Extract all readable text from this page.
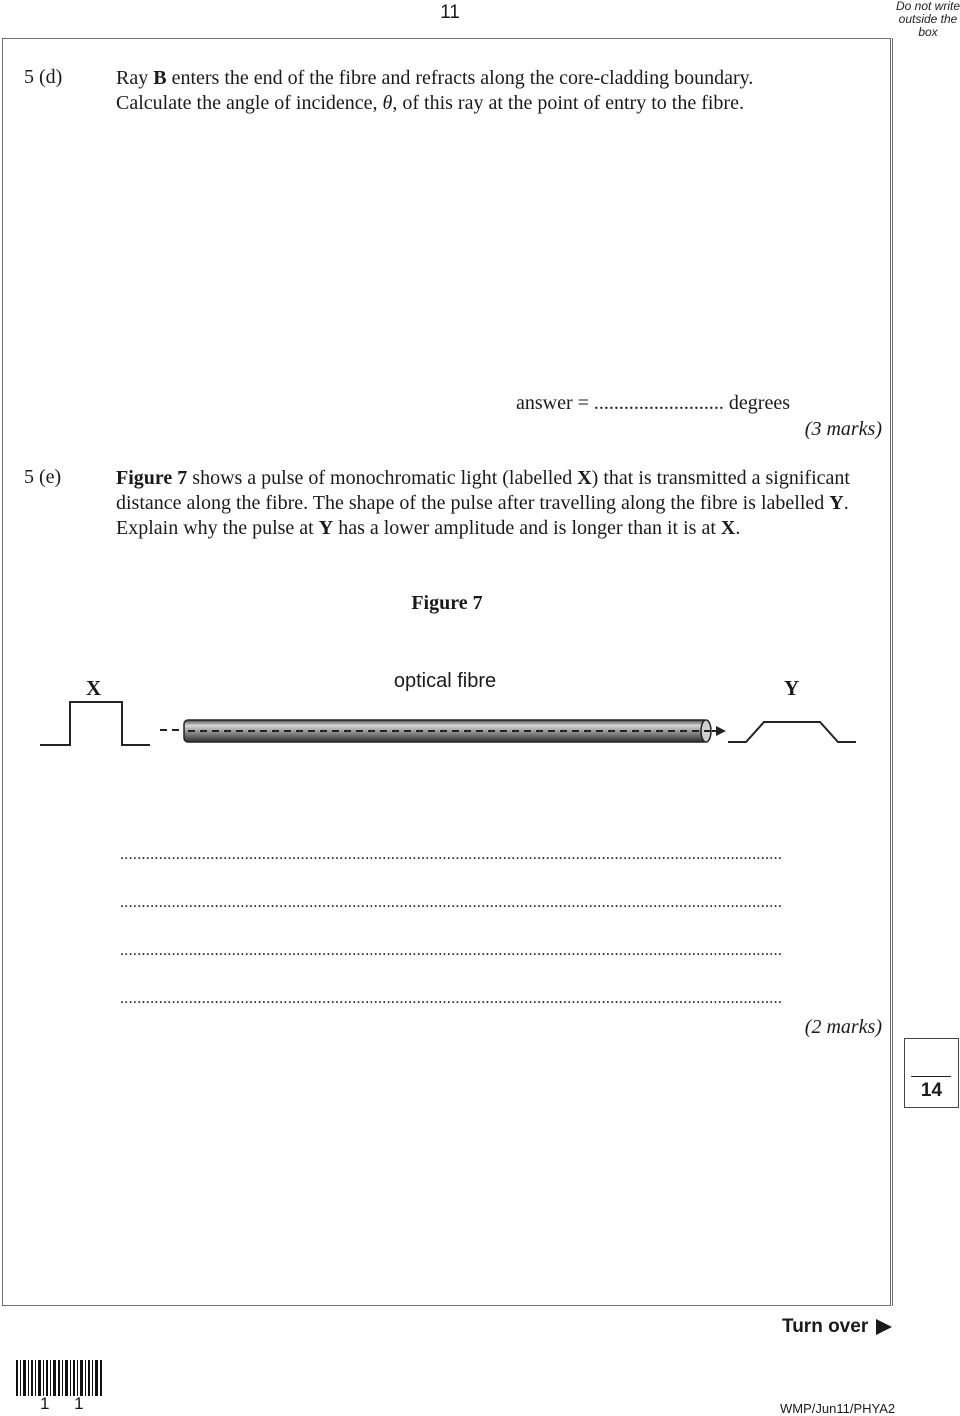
11	Do not write
outside the
box
5 (d)	Ray B enters the end of the fibre and refracts along the core-cladding boundary.
Calculate the angle of incidence, θ, of this ray at the point of entry to the fibre.
answer = .......................... degrees
(3 marks)
5 (e)	Figure 7 shows a pulse of monochromatic light (labelled X) that is transmitted a significant distance along the fibre. The shape of the pulse after travelling along the fibre is labelled Y. Explain why the pulse at Y has a lower amplitude and is longer than it is at X.
Figure 7
X	optical fibre	Y
..........................................................................................................................................................
..........................................................................................................................................................
..........................................................................................................................................................
..........................................................................................................................................................
(2 marks)
14
Turn over
1 1	WMP/Jun11/PHYA2
